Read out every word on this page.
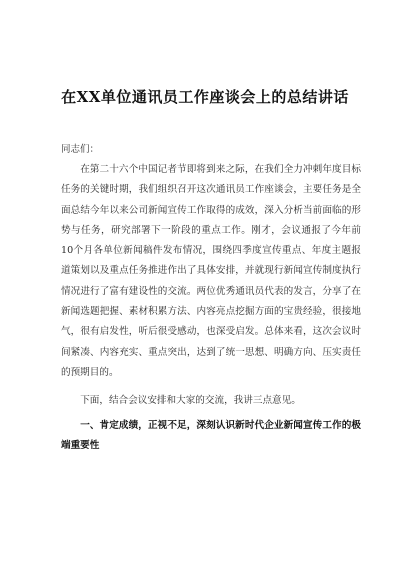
在XX单位通讯员工作座谈会上的总结讲话
同志们：

在第二十六个中国记者节即将到来之际，在我们全力冲刺年度目标任务的关键时期，我们组织召开这次通讯员工作座谈会，主要任务是全面总结今年以来公司新闻宣传工作取得的成效，深入分析当前面临的形势与任务，研究部署下一阶段的重点工作。刚才，会议通报了今年前10个月各单位新闻稿件发布情况，围绕四季度宣传重点、年度主题报道策划以及重点任务推进作出了具体安排，并就现行新闻宣传制度执行情况进行了富有建设性的交流。两位优秀通讯员代表的发言，分享了在新闻选题把握、素材积累方法、内容亮点挖掘方面的宝贵经验，很接地气，很有启发性，听后很受感动，也深受启发。总体来看，这次会议时间紧凑、内容充实、重点突出，达到了统一思想、明确方向、压实责任的预期目的。

下面，结合会议安排和大家的交流，我讲三点意见。

一、肯定成绩，正视不足，深刻认识新时代企业新闻宣传工作的极端重要性
